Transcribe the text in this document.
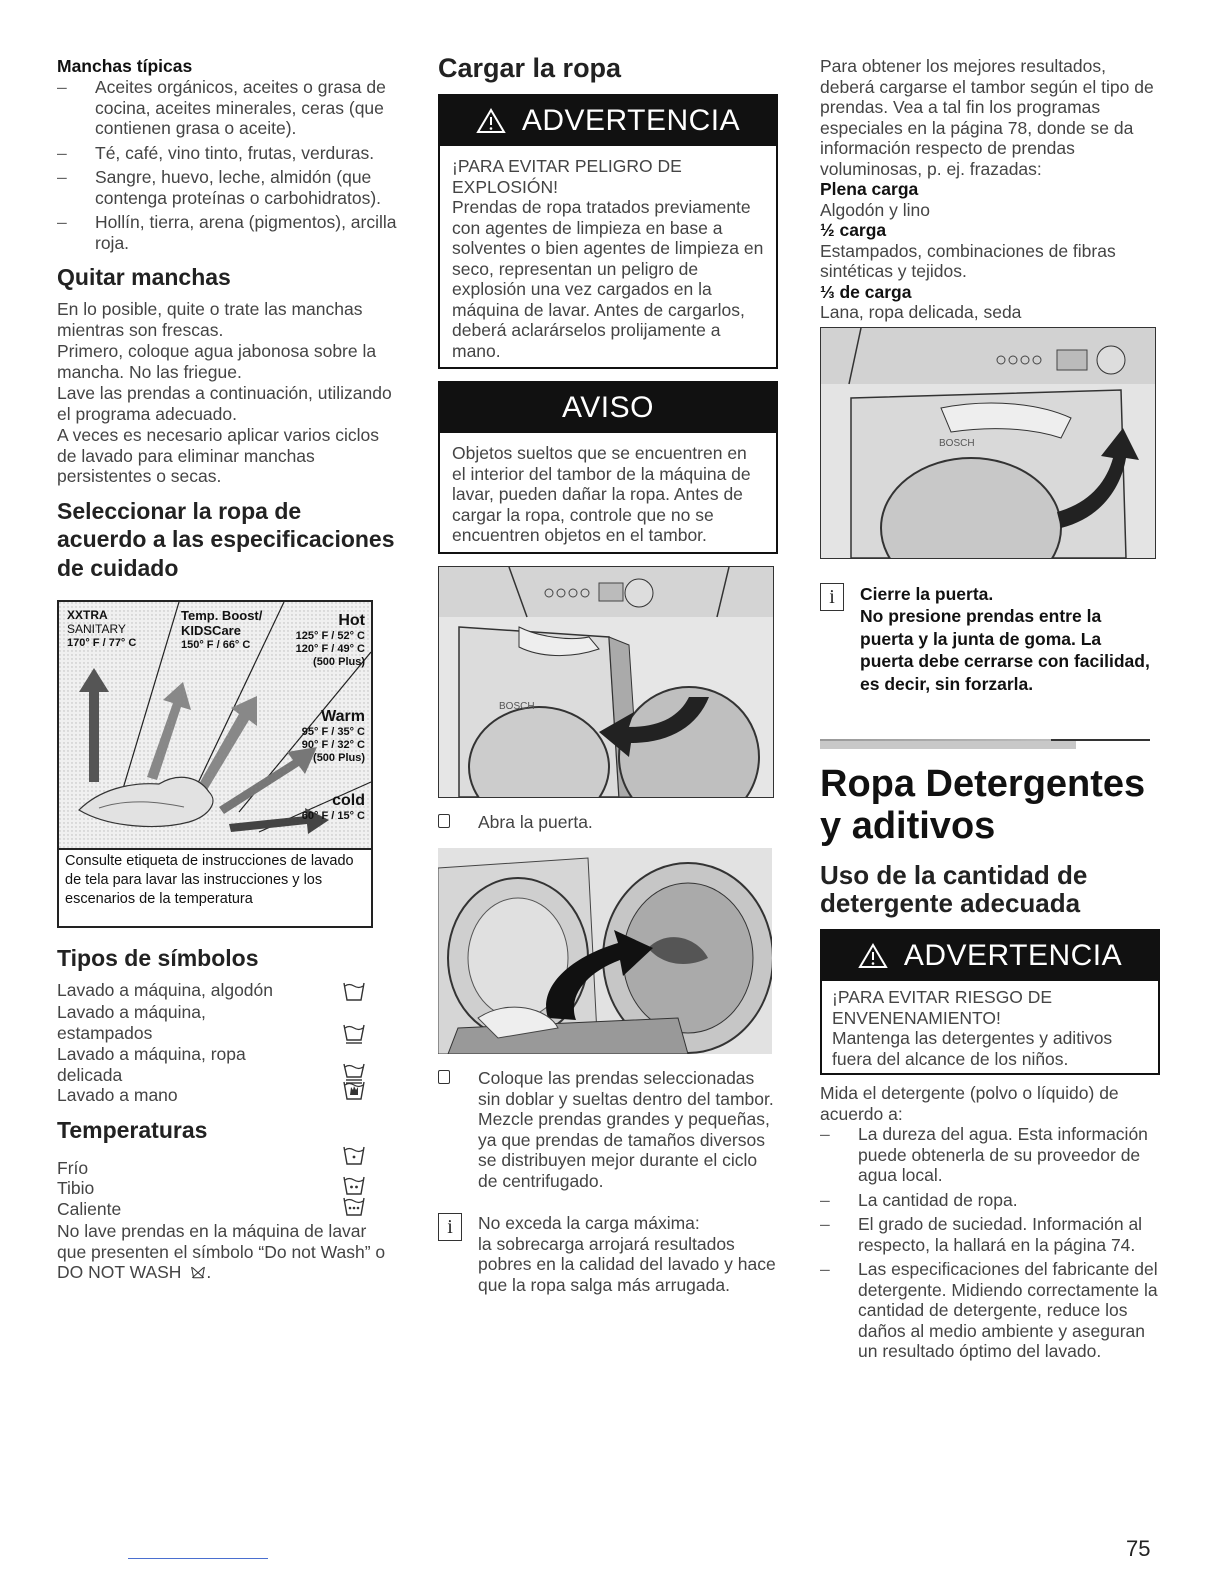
Manchas típicas
–	Aceites orgánicos, aceites o grasa de cocina, aceites minerales, ceras (que contienen grasa o aceite).
–	Té, café, vino tinto, frutas, verduras.
–	Sangre, huevo, leche, almidón (que contenga proteínas o carbohidratos).
–	Hollín, tierra, arena (pigmentos), arcilla roja.
Quitar manchas
En lo posible, quite o trate las manchas mientras son frescas.
Primero, coloque agua jabonosa sobre la mancha. No las friegue.
Lave las prendas a continuación, utilizando el programa adecuado.
A veces es necesario aplicar varios ciclos de lavado para eliminar manchas persistentes o secas.
Seleccionar la ropa de acuerdo a las especificaciones de cuidado
XXTRA
SANITARY
170° F / 77° C
Temp. Boost/
KIDSCare
150° F / 66° C
Hot
125° F / 52° C
120° F / 49° C
(500 Plus)
Warm
95° F / 35° C
90° F / 32° C
(500 Plus)
cold
60° F / 15° C
Consulte etiqueta de instrucciones de lavado de tela para lavar las instrucciones y los escenarios de la temperatura
Tipos de símbolos
Lavado a máquina, algodón
Lavado a máquina, estampados
Lavado a máquina, ropa delicada
Lavado a mano
Temperaturas
Frío
Tibio
Caliente
No lave prendas en la máquina de lavar que presenten el símbolo “Do not Wash” o DO NOT WASH .
Cargar la ropa
ADVERTENCIA
¡PARA EVITAR PELIGRO DE EXPLOSIÓN!
Prendas de ropa tratados previamente con agentes de limpieza en base a solventes o bien agentes de limpieza en seco, representan un peligro de explosión una vez cargados en la máquina de lavar. Antes de cargarlos, deberá aclarárselos prolijamente a mano.
AVISO
Objetos sueltos que se encuentren en el interior del tambor de la máquina de lavar, pueden dañar la ropa. Antes de cargar la ropa, controle que no se encuentren objetos en el tambor.
BOSCH
Abra la puerta.
Coloque las prendas seleccionadas sin doblar y sueltas dentro del tambor. Mezcle prendas grandes y pequeñas, ya que prendas de tamaños diversos se distribuyen mejor durante el ciclo de centrifugado.
i	No exceda la carga máxima:
la sobrecarga arrojará resultados pobres en la calidad del lavado y hace que la ropa salga más arrugada.
Para obtener los mejores resultados, deberá cargarse el tambor según el tipo de prendas. Vea a tal fin los programas especiales en la página 78, donde se da información respecto de prendas voluminosas, p. ej. frazadas:
Plena carga
Algodón y lino
½ carga
Estampados, combinaciones de fibras sintéticas y tejidos.
⅓ de carga
Lana, ropa delicada, seda
BOSCH
i	Cierre la puerta.
No presione prendas entre la puerta y la junta de goma. La puerta debe cerrarse con facilidad, es decir, sin forzarla.
Ropa Detergentes y aditivos
Uso de la cantidad de detergente adecuada
ADVERTENCIA
¡PARA EVITAR RIESGO DE ENVENENAMIENTO!
Mantenga las detergentes y aditivos fuera del alcance de los niños.
Mida el detergente (polvo o líquido) de acuerdo a:
–	La dureza del agua. Esta información puede obtenerla de su proveedor de agua local.
–	La cantidad de ropa.
–	El grado de suciedad. Información al respecto, la hallará en la página 74.
–	Las especificaciones del fabricante del detergente. Midiendo correctamente la cantidad de detergente, reduce los daños al medio ambiente y aseguran un resultado óptimo del lavado.
75
